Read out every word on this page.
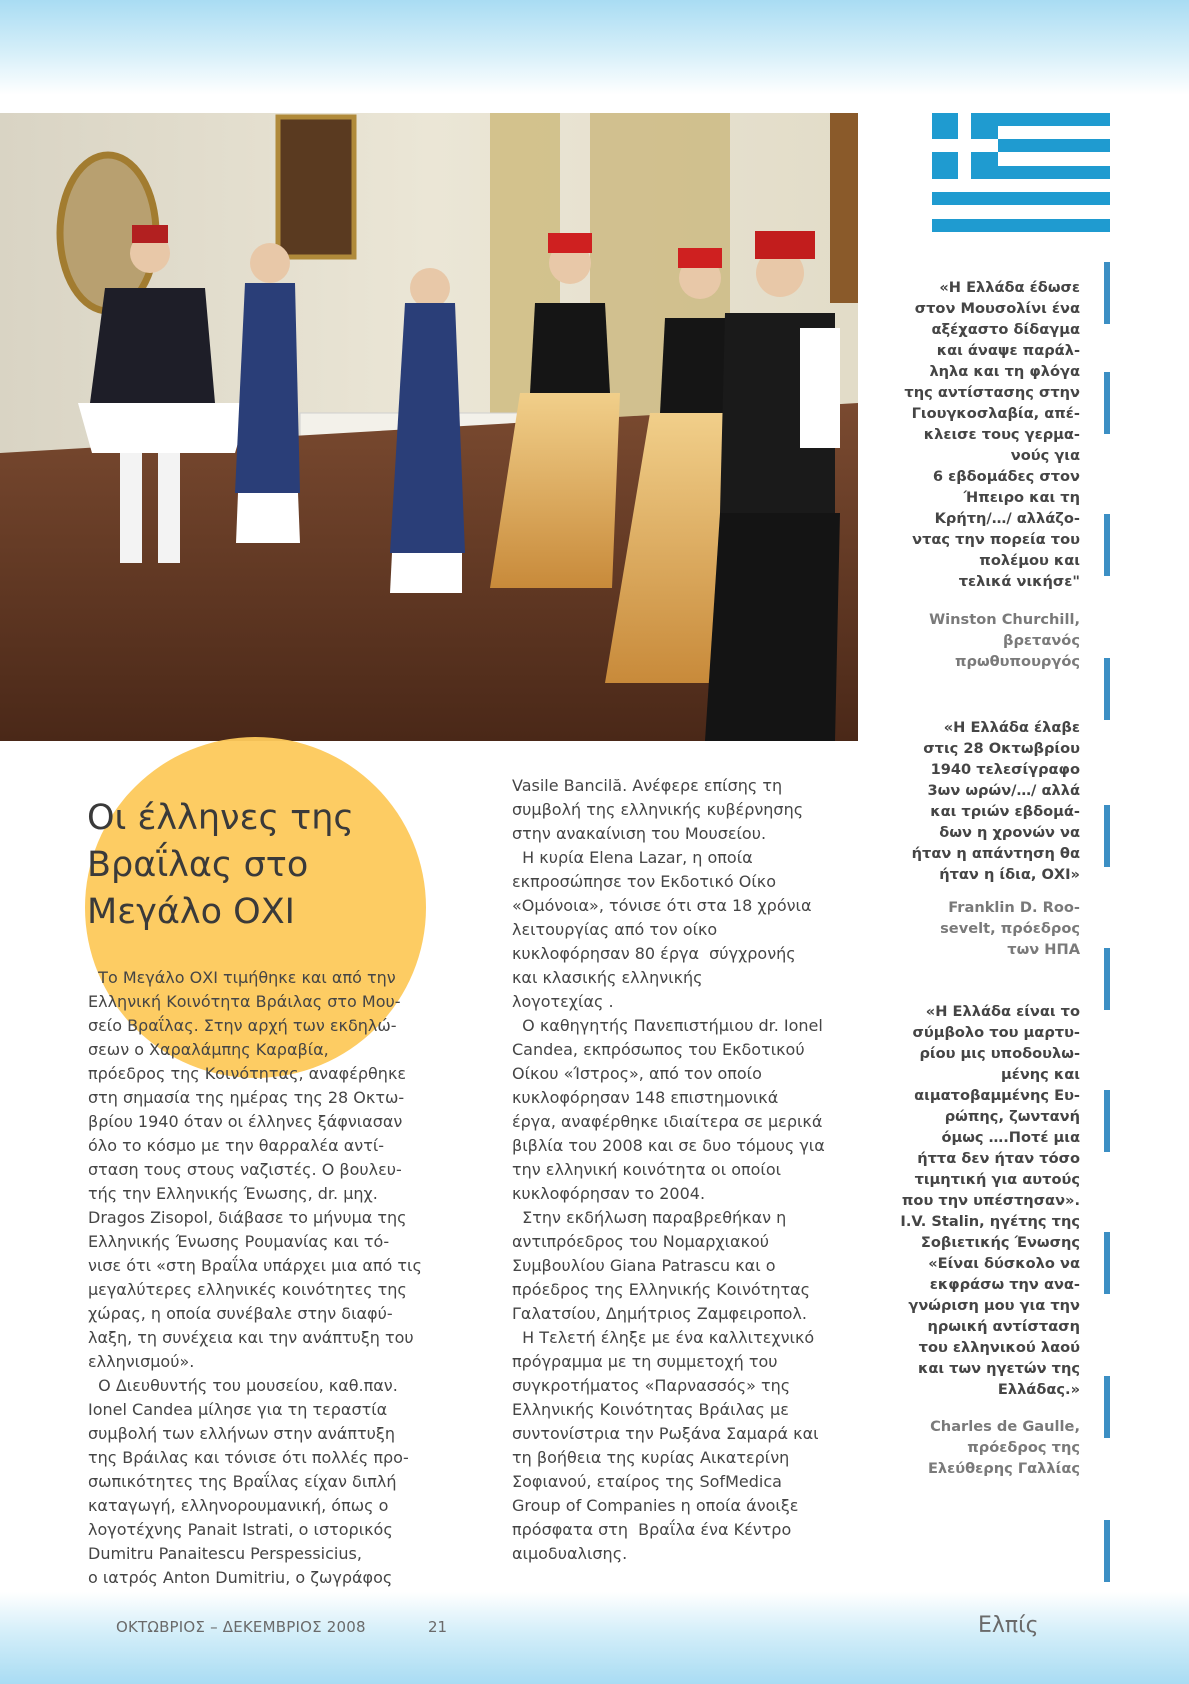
«Η Ελλάδα έδωσε
στον Μουσολίνι ένα
αξέχαστο δίδαγμα
και άναψε παράλ-
ληλα και τη φλόγα
της αντίστασης στην
Γιουγκοσλαβία, απέ-
κλεισε τους γερμα-
νούς για
6 εβδομάδες στον
Ήπειρο και τη
Κρήτη/…/ αλλάζο-
ντας την πορεία του
πολέμου και
τελικά νικήσε"
Winston Churchill,
βρετανός
πρωθυπουργός
«Η Ελλάδα έλαβε
στις 28 Οκτωβρίου
1940 τελεσίγραφο
3ων ωρών/…/ αλλά
και τριών εβδομά-
δων η χρονών να
ήταν η απάντηση θα
ήταν η ίδια, ΟΧΙ»
Franklin D. Roo-
sevelt, πρόεδρος
των ΗΠΑ
«Η Ελλάδα είναι το
σύμβολο του μαρτυ-
ρίου μις υποδουλω-
μένης και
αιματοβαμμένης Ευ-
ρώπης, ζωντανή
όμως ….Ποτέ μια
ήττα δεν ήταν τόσο
τιμητική για αυτούς
που την υπέστησαν».
I.V. Stalin, ηγέτης της
Σοβιετικής Ένωσης
«Είναι δύσκολο να
εκφράσω την ανα-
γνώριση μου για την
ηρωική αντίσταση
του ελληνικού λαού
και των ηγετών της
Ελλάδας.»
Charles de Gaulle,
πρόεδρος της
Ελεύθερης Γαλλίας
Οι έλληνες της
Βραΐλας στο
Μεγάλο ΟΧΙ
Το Μεγάλο ΟΧΙ τιμήθηκε και από την
Ελληνική Κοινότητα Βράιλας στο Μου-
σείο Βραΐλας. Στην αρχή των εκδηλώ-
σεων ο Χαραλάμπης Καραβία,
πρόεδρος της Κοινότητας, αναφέρθηκε
στη σημασία της ημέρας της 28 Οκτω-
βρίου 1940 όταν οι έλληνες ξάφνιασαν
όλο το κόσμο με την θαρραλέα αντί-
σταση τους στους ναζιστές. Ο βουλευ-
τής την Ελληνικής Ένωσης, dr. μηχ.
Dragos Zisopol, διάβασε το μήνυμα της
Ελληνικής Ένωσης Ρουμανίας και τό-
νισε ότι «στη Βραΐλα υπάρχει μια από τις
μεγαλύτερες ελληνικές κοινότητες της
χώρας, η οποία συνέβαλε στην διαφύ-
λαξη, τη συνέχεια και την ανάπτυξη του
ελληνισμού».
Ο Διευθυντής του μουσείου, καθ.παν.
Ionel Candea μίλησε για τη τεραστία
συμβολή των ελλήνων στην ανάπτυξη
της Βράιλας και τόνισε ότι πολλές προ-
σωπικότητες της Βραΐλας είχαν διπλή
καταγωγή, ελληνορουμανική, όπως ο
λογοτέχνης Panait Istrati, ο ιστορικός
Dumitru Panaitescu Perspessicius,
ο ιατρός Anton Dumitriu, ο ζωγράφος
Vasile Bancilă. Ανέφερε επίσης τη
συμβολή της ελληνικής κυβέρνησης
στην ανακαίνιση του Μουσείου.
Η κυρία Elena Lazar, η οποία
εκπροσώπησε τον Εκδοτικό Οίκο
«Ομόνοια», τόνισε ότι στα 18 χρόνια
λειτουργίας από τον οίκο
κυκλοφόρησαν 80 έργα  σύγχρονής
και κλασικής ελληνικής
λογοτεχίας .
Ο καθηγητής Πανεπιστήμιου dr. Ionel
Candea, εκπρόσωπος του Εκδοτικού
Οίκου «Ίστρος», από τον οποίο
κυκλοφόρησαν 148 επιστημονικά
έργα, αναφέρθηκε ιδιαίτερα σε μερικά
βιβλία του 2008 και σε δυο τόμους για
την ελληνική κοινότητα οι οποίοι
κυκλοφόρησαν το 2004.
Στην εκδήλωση παραβρεθήκαν η
αντιπρόεδρος του Νομαρχιακού
Συμβουλίου Giana Patrascu και ο
πρόεδρος της Ελληνικής Κοινότητας
Γαλατσίου, Δημήτριος Ζαμφειροπολ.
Η Τελετή έληξε με ένα καλλιτεχνικό
πρόγραμμα με τη συμμετοχή του
συγκροτήματος «Παρνασσός» της
Ελληνικής Κοινότητας Βράιλας με
συντονίστρια την Ρωξάνα Σαμαρά και
τη βοήθεια της κυρίας Αικατερίνη
Σοφιανού, εταίρος της SofMedica
Group of Companies η οποία άνοιξε
πρόσφατα στη  Βραΐλα ένα Κέντρο
αιμοδυαλισης.
ΟΚΤΩΒΡΙΟΣ – ΔΕΚΕΜΒΡΙΟΣ 2008	21	Ελπίς
